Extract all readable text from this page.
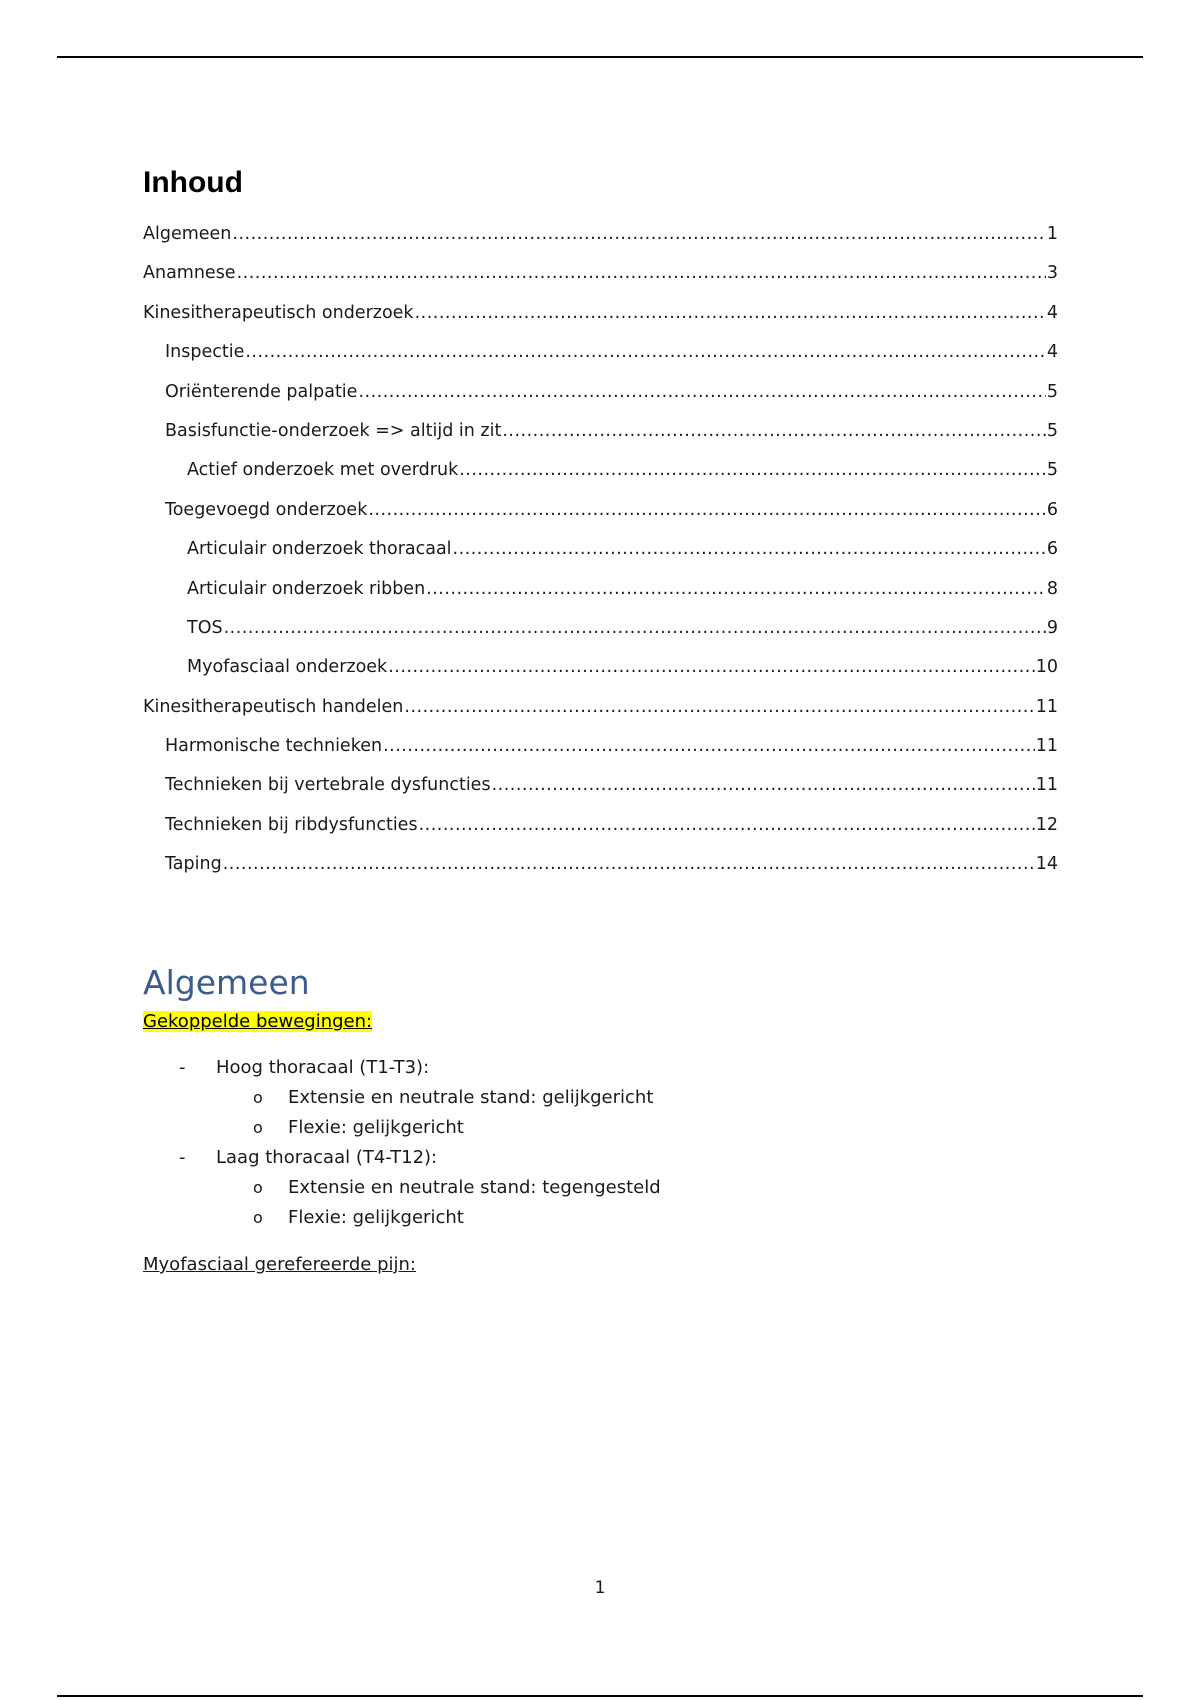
Inhoud
Algemeen .....	1
Anamnese .....	3
Kinesitherapeutisch onderzoek .....	4
Inspectie .....	4
Oriënterende palpatie .....	5
Basisfunctie-onderzoek => altijd in zit .....	5
Actief onderzoek met overdruk .....	5
Toegevoegd onderzoek .....	6
Articulair onderzoek thoracaal .....	6
Articulair onderzoek ribben .....	8
TOS .....	9
Myofasciaal onderzoek .....	10
Kinesitherapeutisch handelen .....	11
Harmonische technieken .....	11
Technieken bij vertebrale dysfuncties .....	11
Technieken bij ribdysfuncties .....	12
Taping .....	14
Algemeen
Gekoppelde bewegingen:
- Hoog thoracaal (T1-T3):
o Extensie en neutrale stand: gelijkgericht
o Flexie: gelijkgericht
- Laag thoracaal (T4-T12):
o Extensie en neutrale stand: tegengesteld
o Flexie: gelijkgericht
Myofasciaal gerefereerde pijn:
1
